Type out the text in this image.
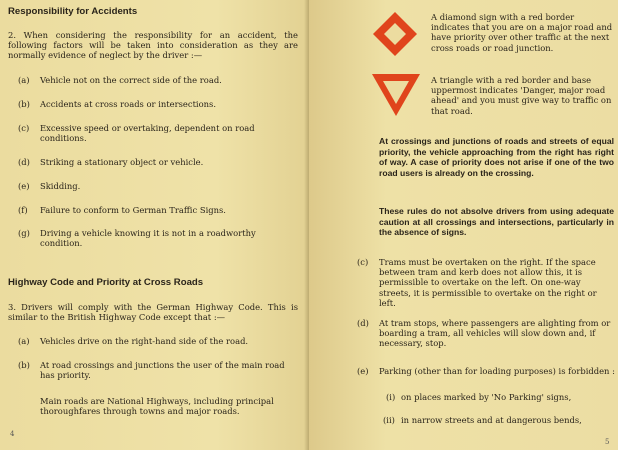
Responsibility for Accidents
2. When considering the responsibility for an accident, the following factors will be taken into consideration as they are normally evidence of neglect by the driver :—
(a) Vehicle not on the correct side of the road.
(b) Accidents at cross roads or intersections.
(c) Excessive speed or overtaking, dependent on road conditions.
(d) Striking a stationary object or vehicle.
(e) Skidding.
(f) Failure to conform to German Traffic Signs.
(g) Driving a vehicle knowing it is not in a roadworthy condition.
Highway Code and Priority at Cross Roads
3. Drivers will comply with the German Highway Code. This is similar to the British Highway Code except that :—
(a) Vehicles drive on the right-hand side of the road.
(b) At road crossings and junctions the user of the main road has priority.
Main roads are National Highways, including principal thoroughfares through towns and major roads.
4
A diamond sign with a red border indicates that you are on a major road and have priority over other traffic at the next cross roads or road junction.
A triangle with a red border and base uppermost indicates 'Danger, major road ahead' and you must give way to traffic on that road.
At crossings and junctions of roads and streets of equal priority, the vehicle approaching from the right has right of way. A case of priority does not arise if one of the two road users is already on the crossing.
These rules do not absolve drivers from using adequate caution at all crossings and intersections, particularly in the absence of signs.
(c) Trams must be overtaken on the right. If the space between tram and kerb does not allow this, it is permissible to overtake on the left. On one-way streets, it is permissible to overtake on the right or left.
(d) At tram stops, where passengers are alighting from or boarding a tram, all vehicles will slow down and, if necessary, stop.
(e) Parking (other than for loading purposes) is forbidden :
(i) on places marked by 'No Parking' signs,
(ii) in narrow streets and at dangerous bends,
5
